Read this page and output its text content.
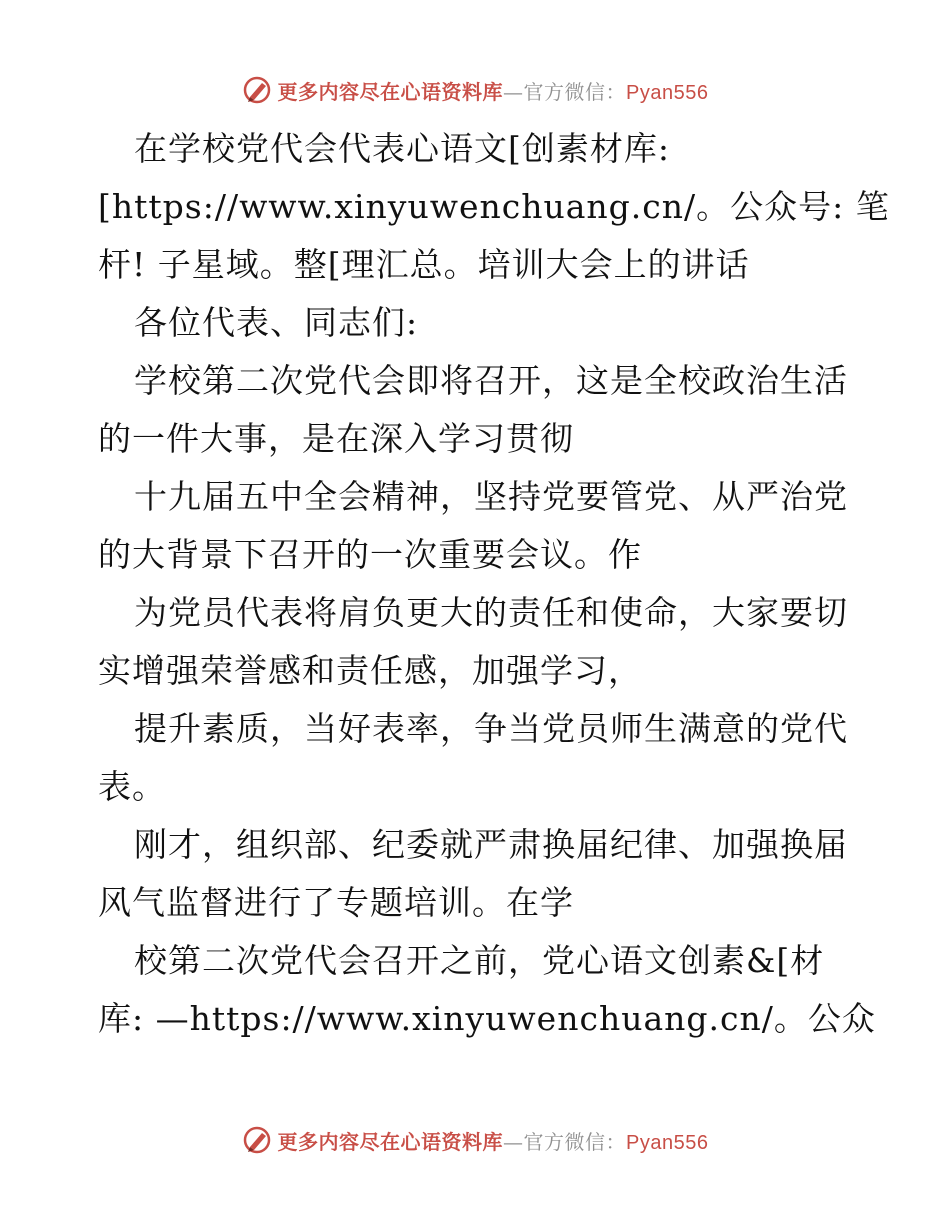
更多内容尽在心语资料库 — 官方微信： Pyan556
在学校党代会代表心语文[创素材库:
[https://www.xinyuwenchuang.cn/。公众号: 笔
杆! 子星域。整[理汇总。培训大会上的讲话
各位代表、同志们:
学校第二次党代会即将召开，这是全校政治生活
的一件大事，是在深入学习贯彻
十九届五中全会精神，坚持党要管党、从严治党
的大背景下召开的一次重要会议。作
为党员代表将肩负更大的责任和使命，大家要切
实增强荣誉感和责任感，加强学习，
提升素质，当好表率，争当党员师生满意的党代
表。
刚才，组织部、纪委就严肃换届纪律、加强换届
风气监督进行了专题培训。在学
校第二次党代会召开之前，党心语文创素&[材
库: —https://www.xinyuwenchuang.cn/。公众
更多内容尽在心语资料库 — 官方微信： Pyan556
